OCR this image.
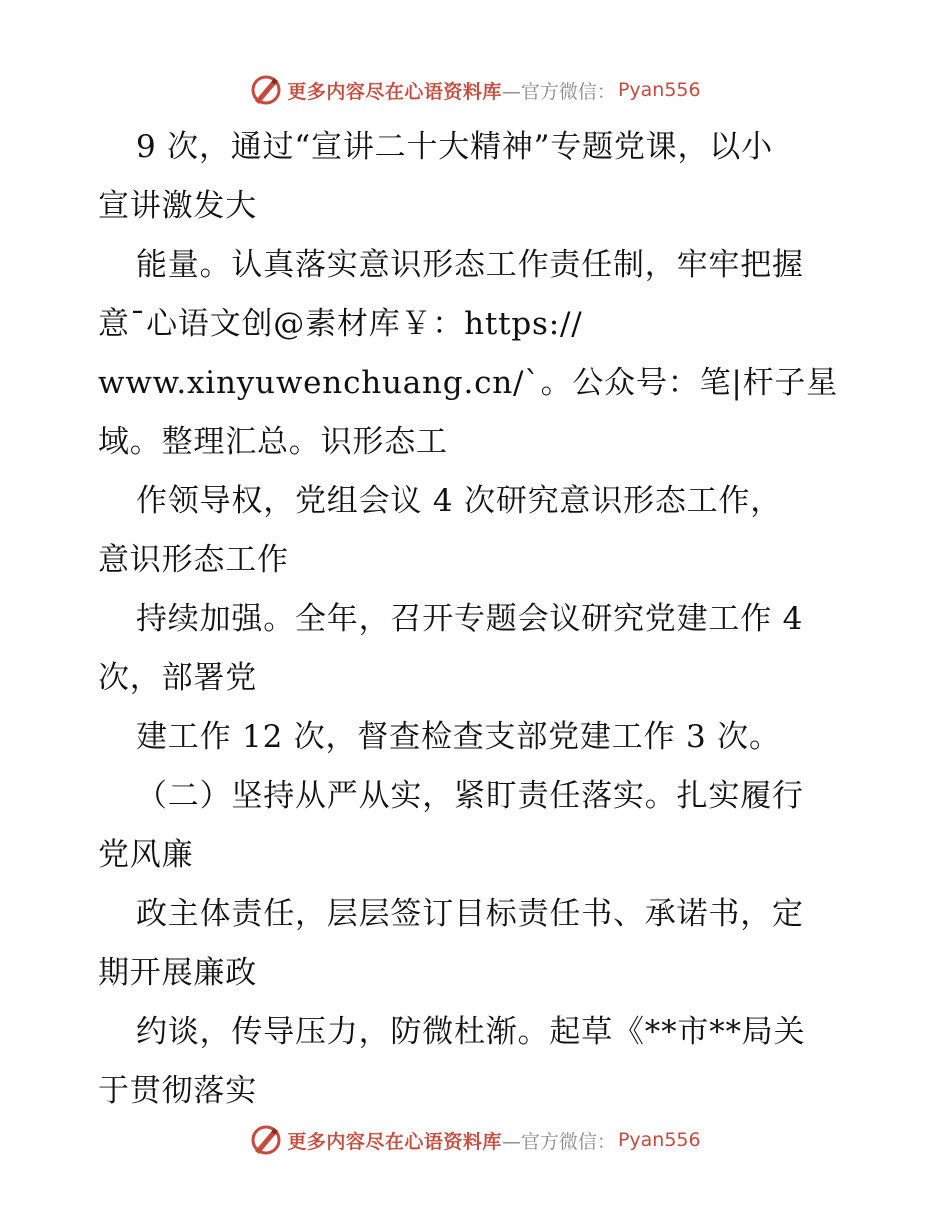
更多内容尽在心语资料库 —官方微信： Pyan556
9 次，通过“宣讲二十大精神”专题党课，以小
宣讲激发大
能量。认真落实意识形态工作责任制，牢牢把握
意¯心语文创@素材库￥：https://
www.xinyuwenchuang.cn/`。公众号：笔|杆子星
域。整理汇总。识形态工
作领导权，党组会议 4 次研究意识形态工作，
意识形态工作
持续加强。全年，召开专题会议研究党建工作 4
次，部署党
建工作 12 次，督查检查支部党建工作 3 次。
（二）坚持从严从实，紧盯责任落实。扎实履行
党风廉
政主体责任，层层签订目标责任书、承诺书，定
期开展廉政
约谈，传导压力，防微杜渐。起草《**市**局关
于贯彻落实
更多内容尽在心语资料库 —官方微信： Pyan556
